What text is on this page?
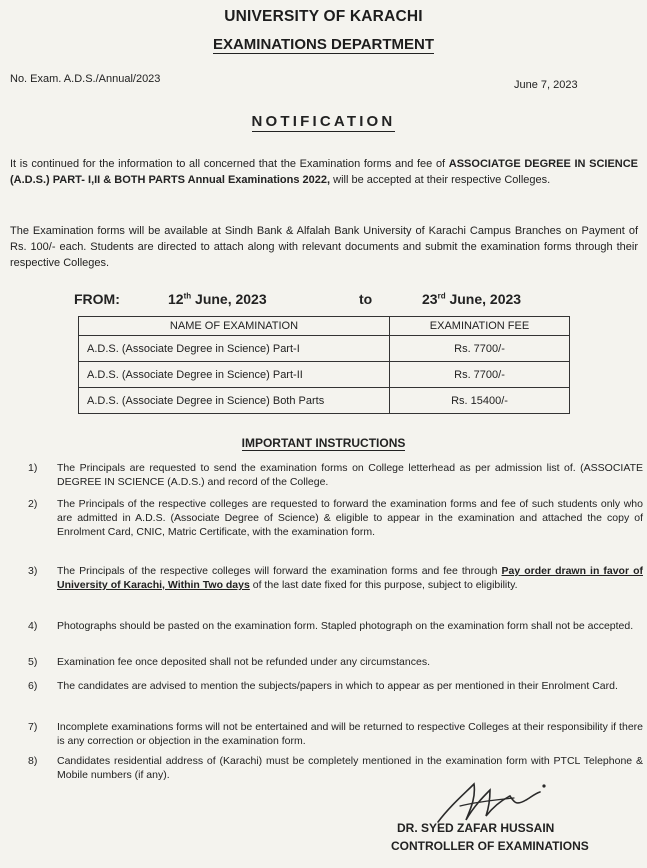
UNIVERSITY OF KARACHI
EXAMINATIONS DEPARTMENT
No. Exam. A.D.S./Annual/2023	June 7, 2023
NOTIFICATION
It is continued for the information to all concerned that the Examination forms and fee of ASSOCIATGE DEGREE IN SCIENCE (A.D.S.) PART- I,II & BOTH PARTS Annual Examinations 2022, will be accepted at their respective Colleges.
The Examination forms will be available at Sindh Bank & Alfalah Bank University of Karachi Campus Branches on Payment of Rs. 100/- each. Students are directed to attach along with relevant documents and submit the examination forms through their respective Colleges.
FROM:	12th June, 2023	to	23rd June, 2023
NAME OF EXAMINATION	EXAMINATION FEE
A.D.S. (Associate Degree in Science) Part-I	Rs. 7700/-
A.D.S. (Associate Degree in Science) Part-II	Rs. 7700/-
A.D.S. (Associate Degree in Science) Both Parts	Rs. 15400/-
IMPORTANT INSTRUCTIONS
1) The Principals are requested to send the examination forms on College letterhead as per admission list of. (ASSOCIATE DEGREE IN SCIENCE (A.D.S.) and record of the College.
2) The Principals of the respective colleges are requested to forward the examination forms and fee of such students only who are admitted in A.D.S. (Associate Degree of Science) & eligible to appear in the examination and attached the copy of Enrolment Card, CNIC, Matric Certificate, with the examination form.
3) The Principals of the respective colleges will forward the examination forms and fee through Pay order drawn in favor of University of Karachi, Within Two days of the last date fixed for this purpose, subject to eligibility.
4) Photographs should be pasted on the examination form. Stapled photograph on the examination form shall not be accepted.
5) Examination fee once deposited shall not be refunded under any circumstances.
6) The candidates are advised to mention the subjects/papers in which to appear as per mentioned in their Enrolment Card.
7) Incomplete examinations forms will not be entertained and will be returned to respective Colleges at their responsibility if there is any correction or objection in the examination form.
8) Candidates residential address of (Karachi) must be completely mentioned in the examination form with PTCL Telephone & Mobile numbers (if any).
DR. SYED ZAFAR HUSSAIN
CONTROLLER OF EXAMINATIONS
